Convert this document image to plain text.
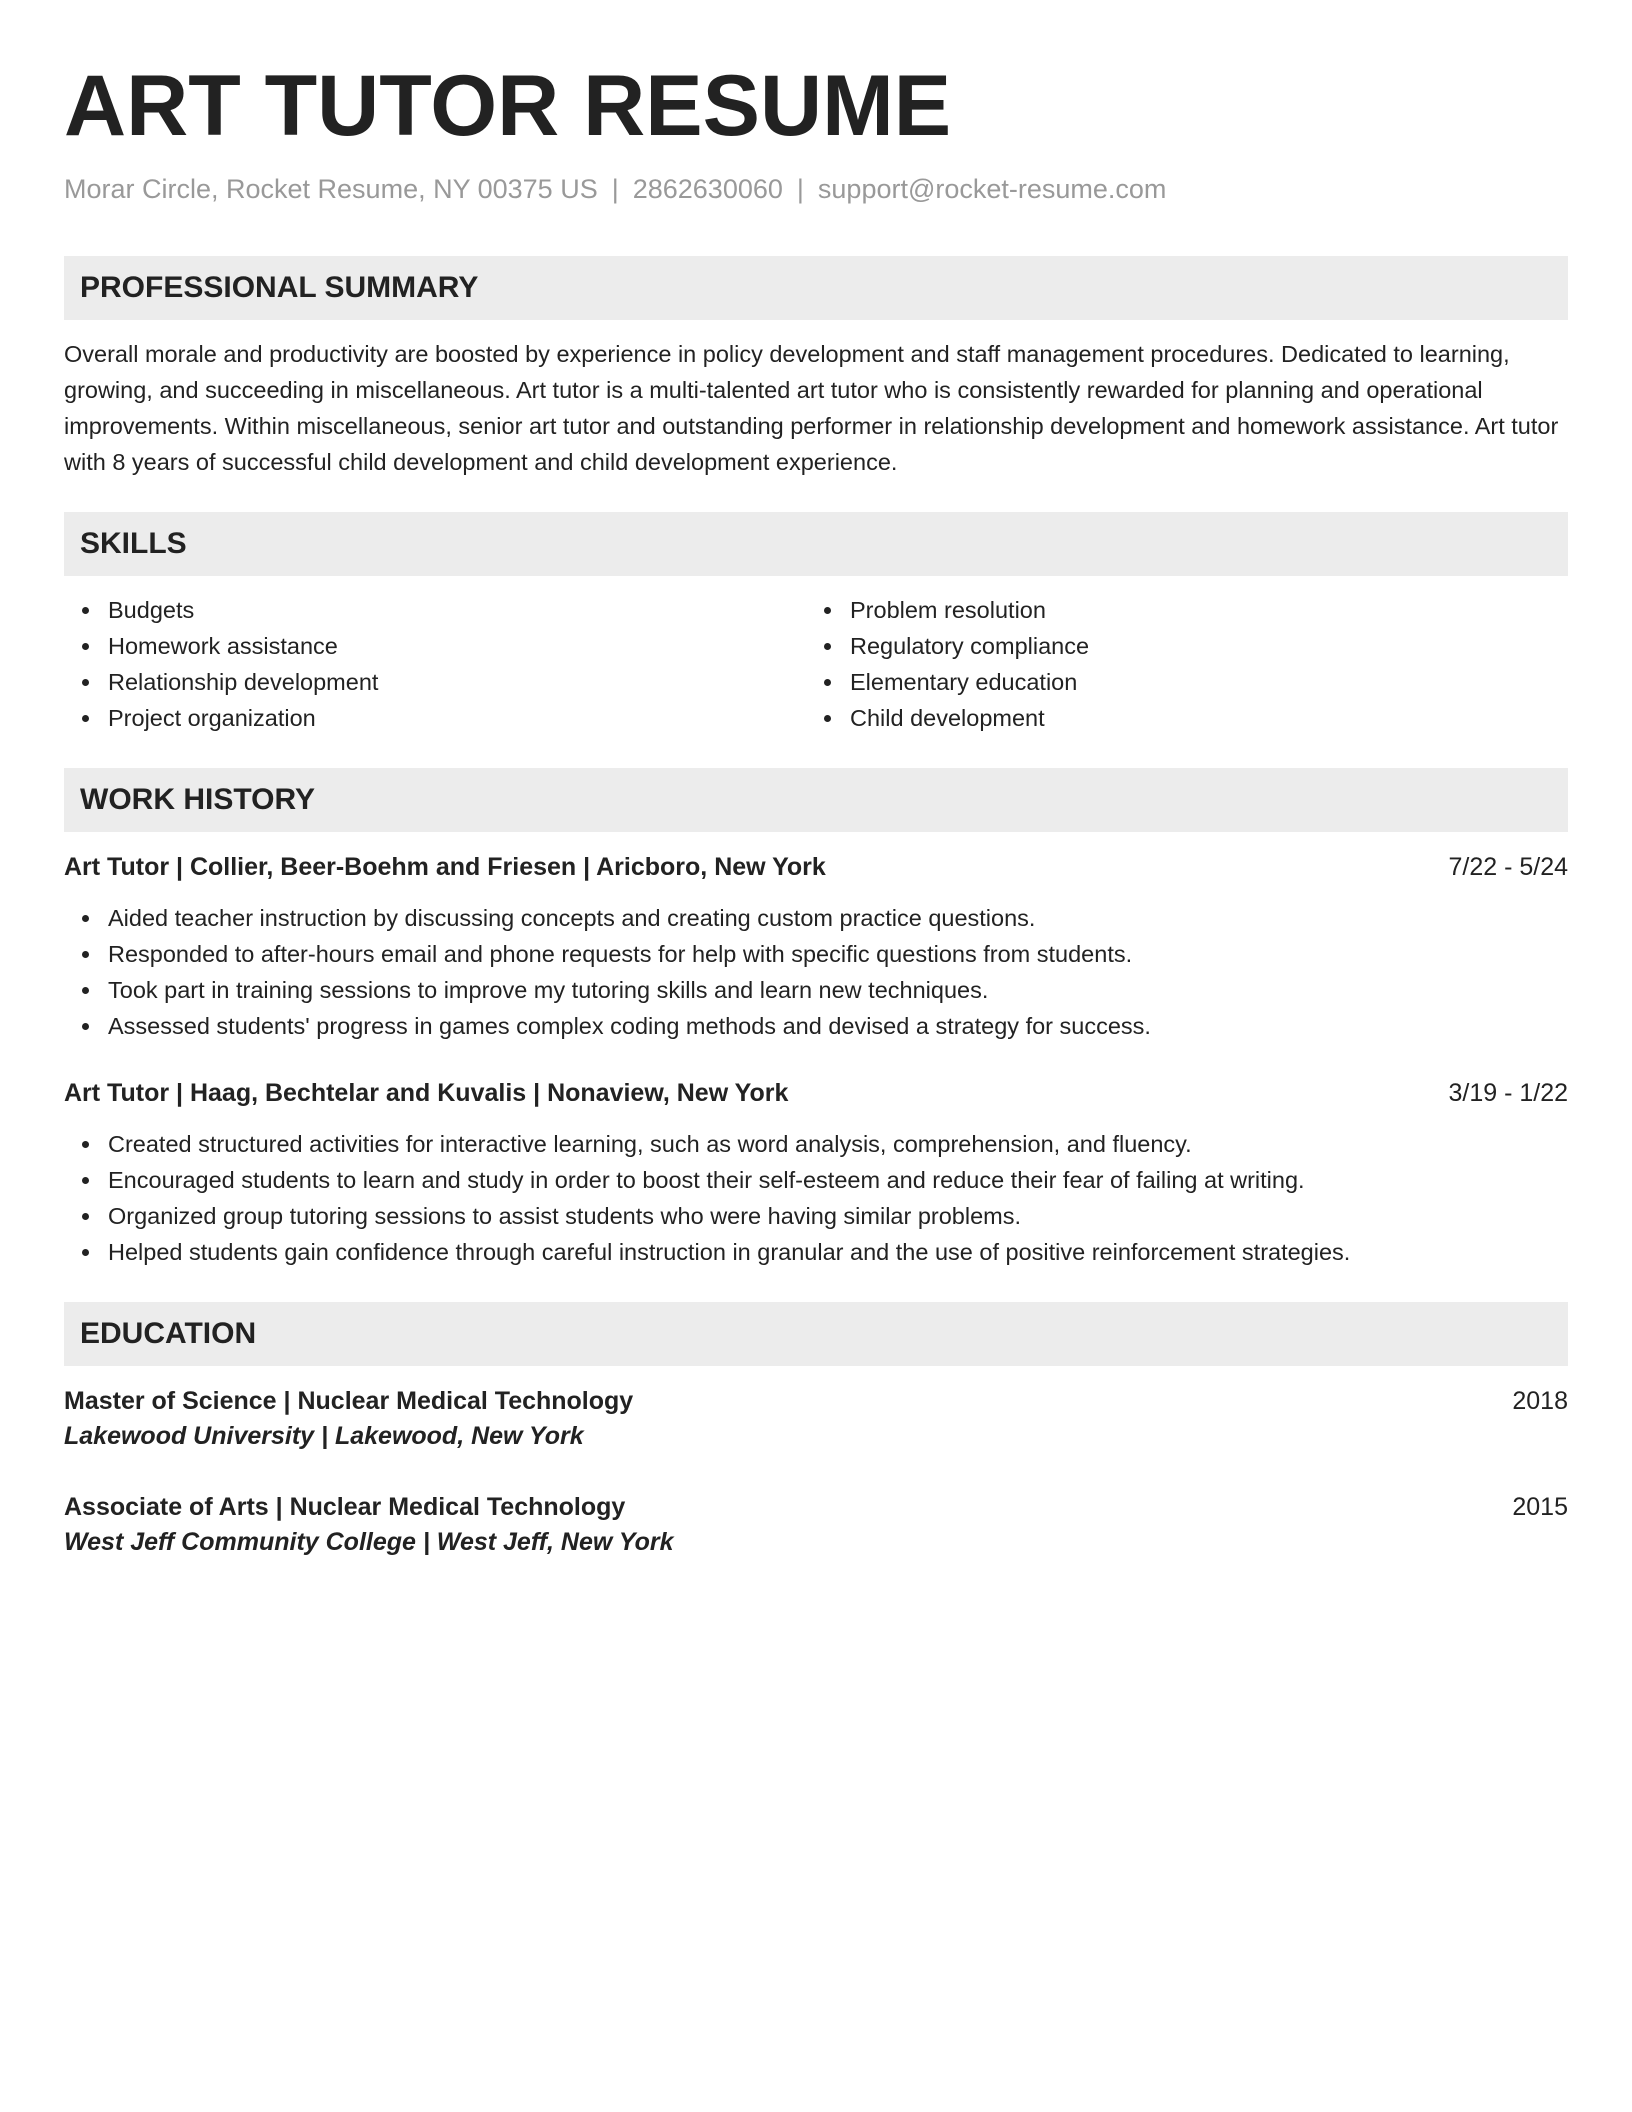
ART TUTOR RESUME
Morar Circle, Rocket Resume, NY 00375 US | 2862630060 | support@rocket-resume.com
PROFESSIONAL SUMMARY
Overall morale and productivity are boosted by experience in policy development and staff management procedures. Dedicated to learning, growing, and succeeding in miscellaneous. Art tutor is a multi-talented art tutor who is consistently rewarded for planning and operational improvements. Within miscellaneous, senior art tutor and outstanding performer in relationship development and homework assistance. Art tutor with 8 years of successful child development and child development experience.
SKILLS
Budgets
Homework assistance
Relationship development
Project organization
Problem resolution
Regulatory compliance
Elementary education
Child development
WORK HISTORY
Art Tutor | Collier, Beer-Boehm and Friesen | Aricboro, New York	7/22 - 5/24
Aided teacher instruction by discussing concepts and creating custom practice questions.
Responded to after-hours email and phone requests for help with specific questions from students.
Took part in training sessions to improve my tutoring skills and learn new techniques.
Assessed students' progress in games complex coding methods and devised a strategy for success.
Art Tutor | Haag, Bechtelar and Kuvalis | Nonaview, New York	3/19 - 1/22
Created structured activities for interactive learning, such as word analysis, comprehension, and fluency.
Encouraged students to learn and study in order to boost their self-esteem and reduce their fear of failing at writing.
Organized group tutoring sessions to assist students who were having similar problems.
Helped students gain confidence through careful instruction in granular and the use of positive reinforcement strategies.
EDUCATION
Master of Science | Nuclear Medical Technology	2018
Lakewood University | Lakewood, New York
Associate of Arts | Nuclear Medical Technology	2015
West Jeff Community College | West Jeff, New York
